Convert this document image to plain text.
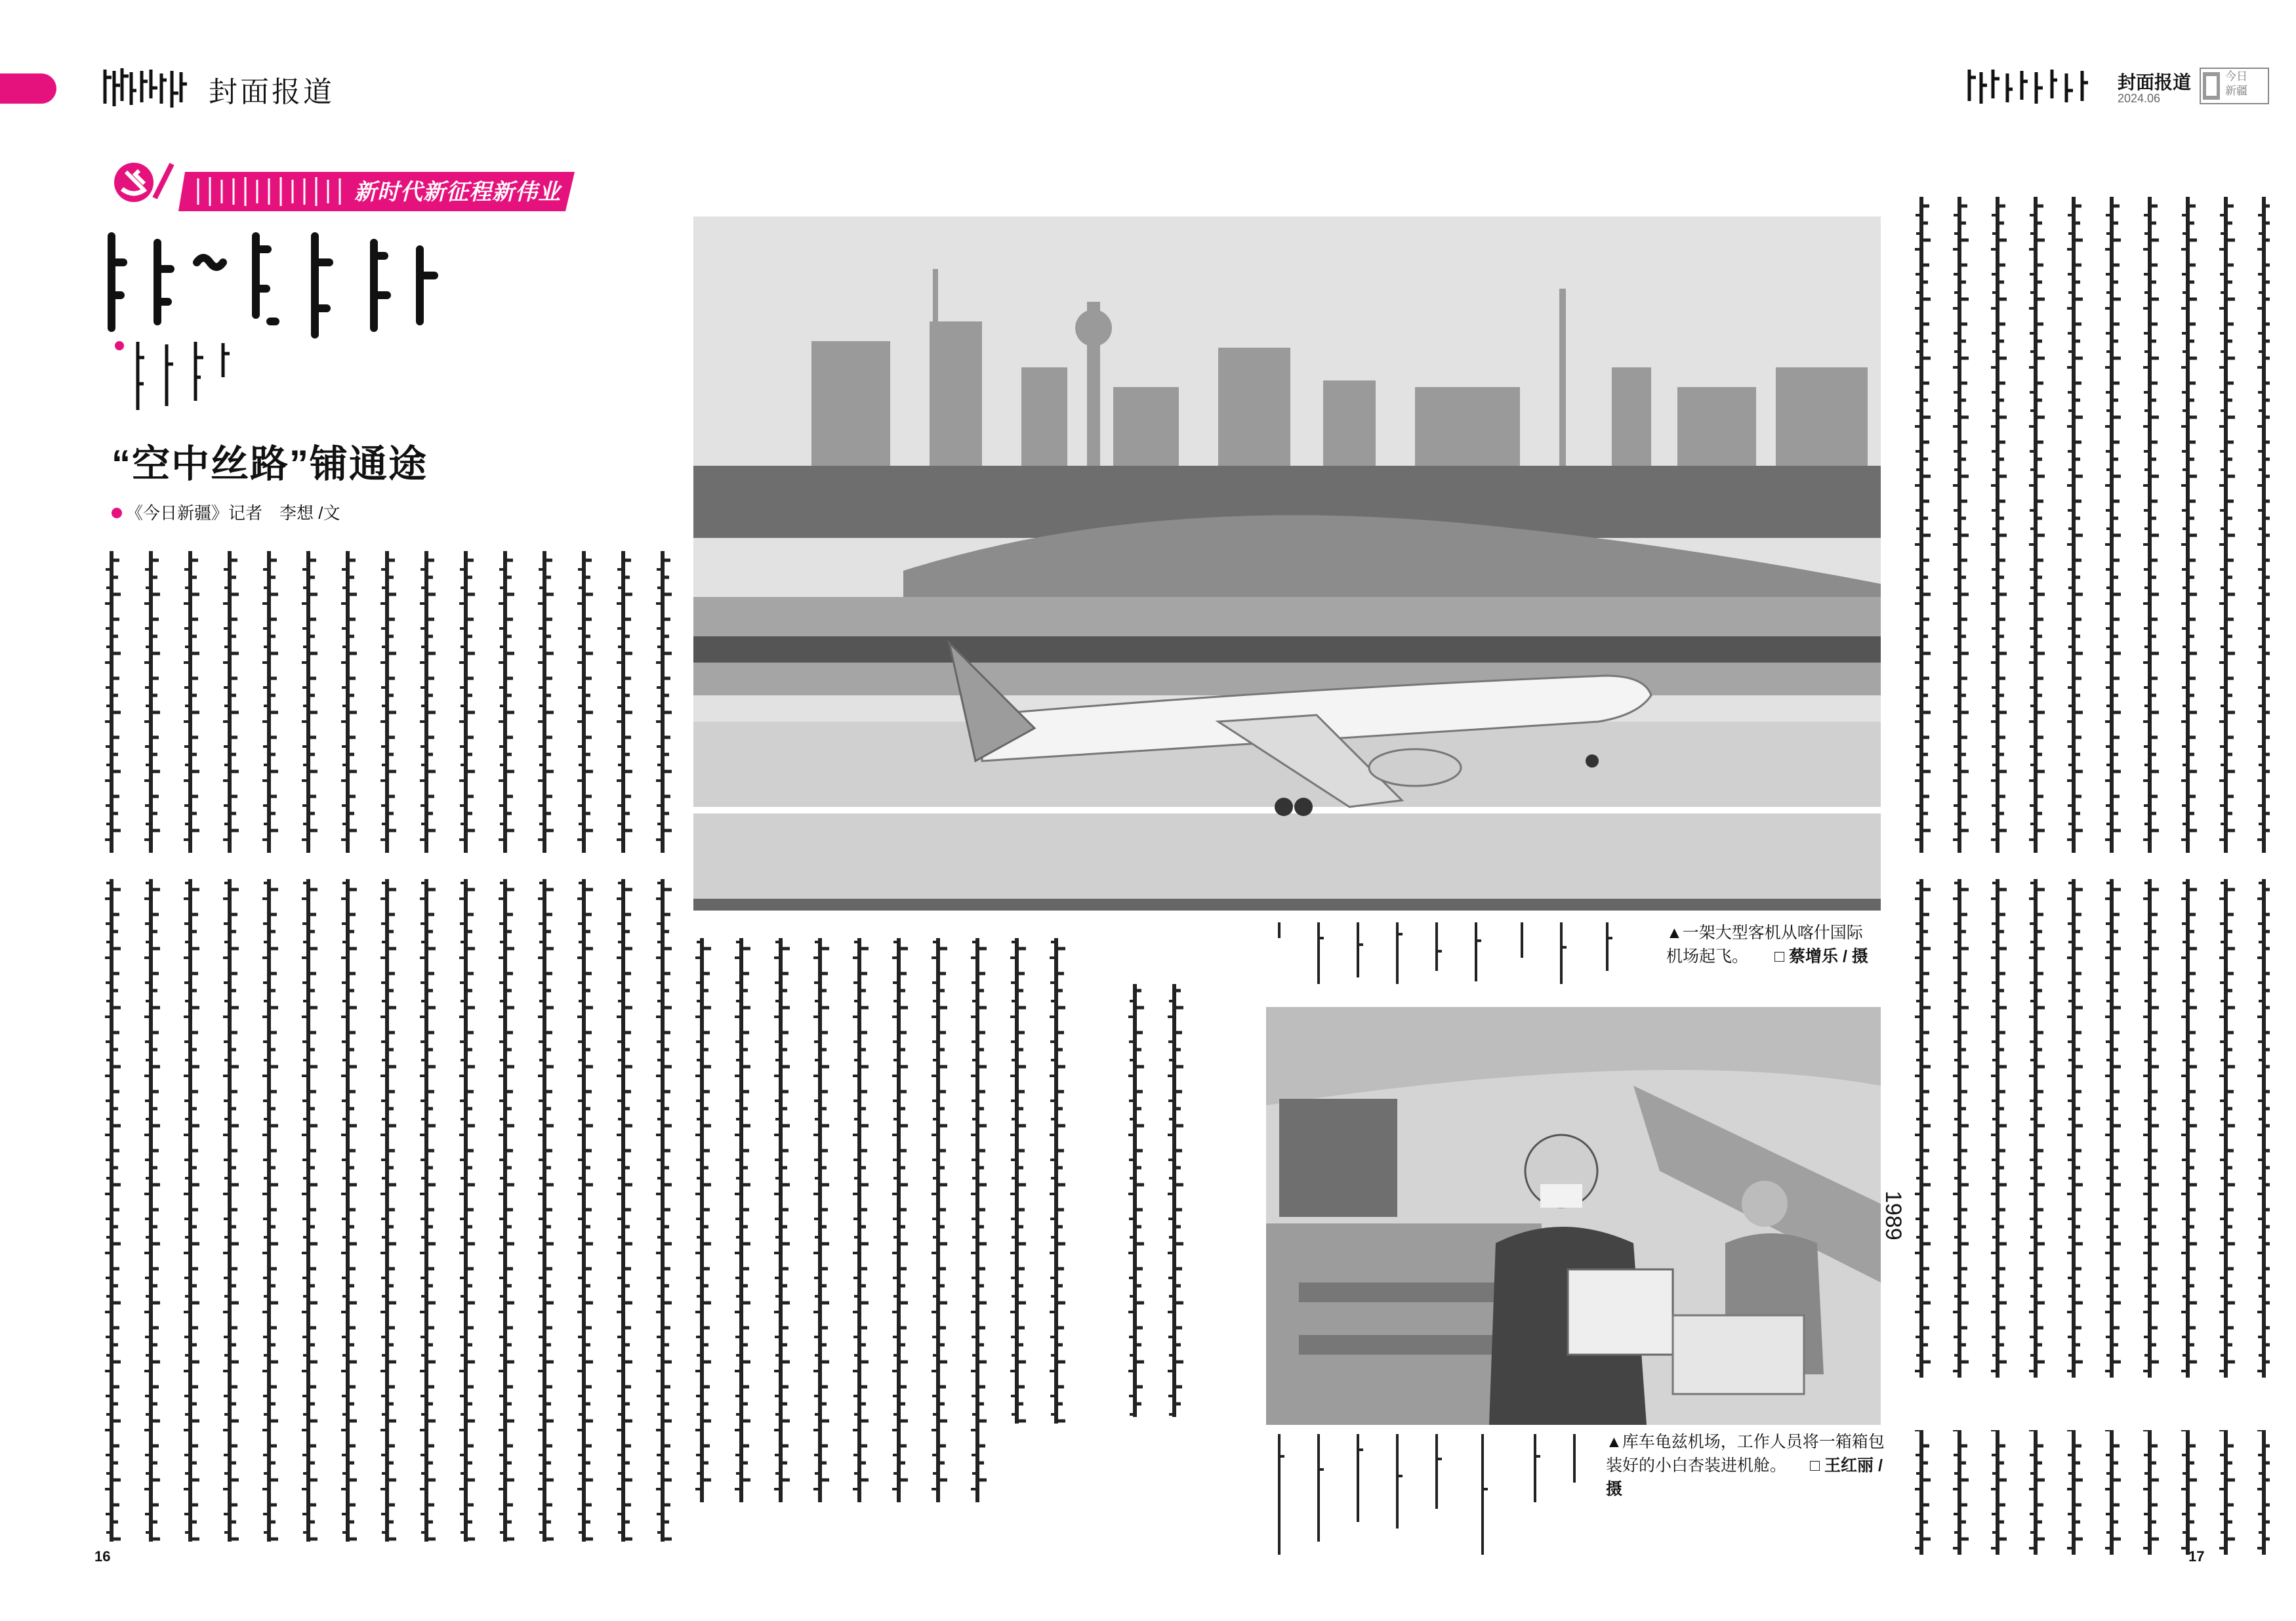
封面报道	封面报道
2024.06
今日新疆
新时代新征程新伟业
“空中丝路”铺通途
《今日新疆》记者　李想 /文
▲一架大型客机从喀什国际
机场起飞。 □ 蔡增乐 / 摄
▲库车龟兹机场，工作人员将一箱箱包
装好的小白杏装进机舱。 □ 王红丽 / 摄
1989
16	17
